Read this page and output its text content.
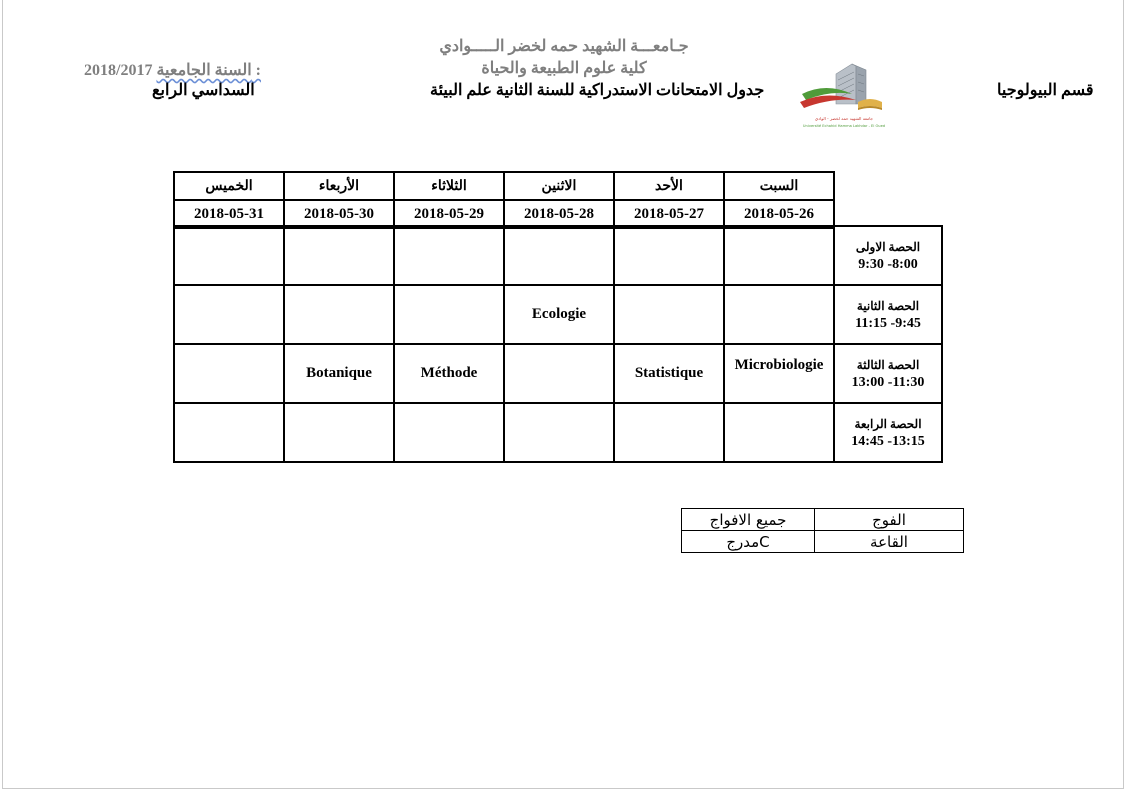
جـامعـــة الشهيد حمه لخضر الـــــوادي
كلية علوم الطبيعة والحياة
2018/2017 السنة الجامعية :
السداسي الرابع	جدول الامتحانات الاستدراكية للسنة الثانية علم البيئة	قسم البيولوجيا
جامعة الشهيد حمه لخضر - الوادي
Université Echahid Hamma Lakhdar - El Oued
الخميس	الأربعاء	الثلاثاء	الاثنين	الأحد	السبت
2018-05-31	2018-05-30	2018-05-29	2018-05-28	2018-05-27	2018-05-26

						الحصة الاولى
9:30 -8:00

			Ecologie			الحصة الثانية
11:15 -9:45

	Botanique	Méthode		Statistique	Microbiologie	الحصة الثالثة
13:00 -11:30

						الحصة الرابعة
14:45 -13:15
جميع الافواج	الفوج
مدرجC	القاعة
